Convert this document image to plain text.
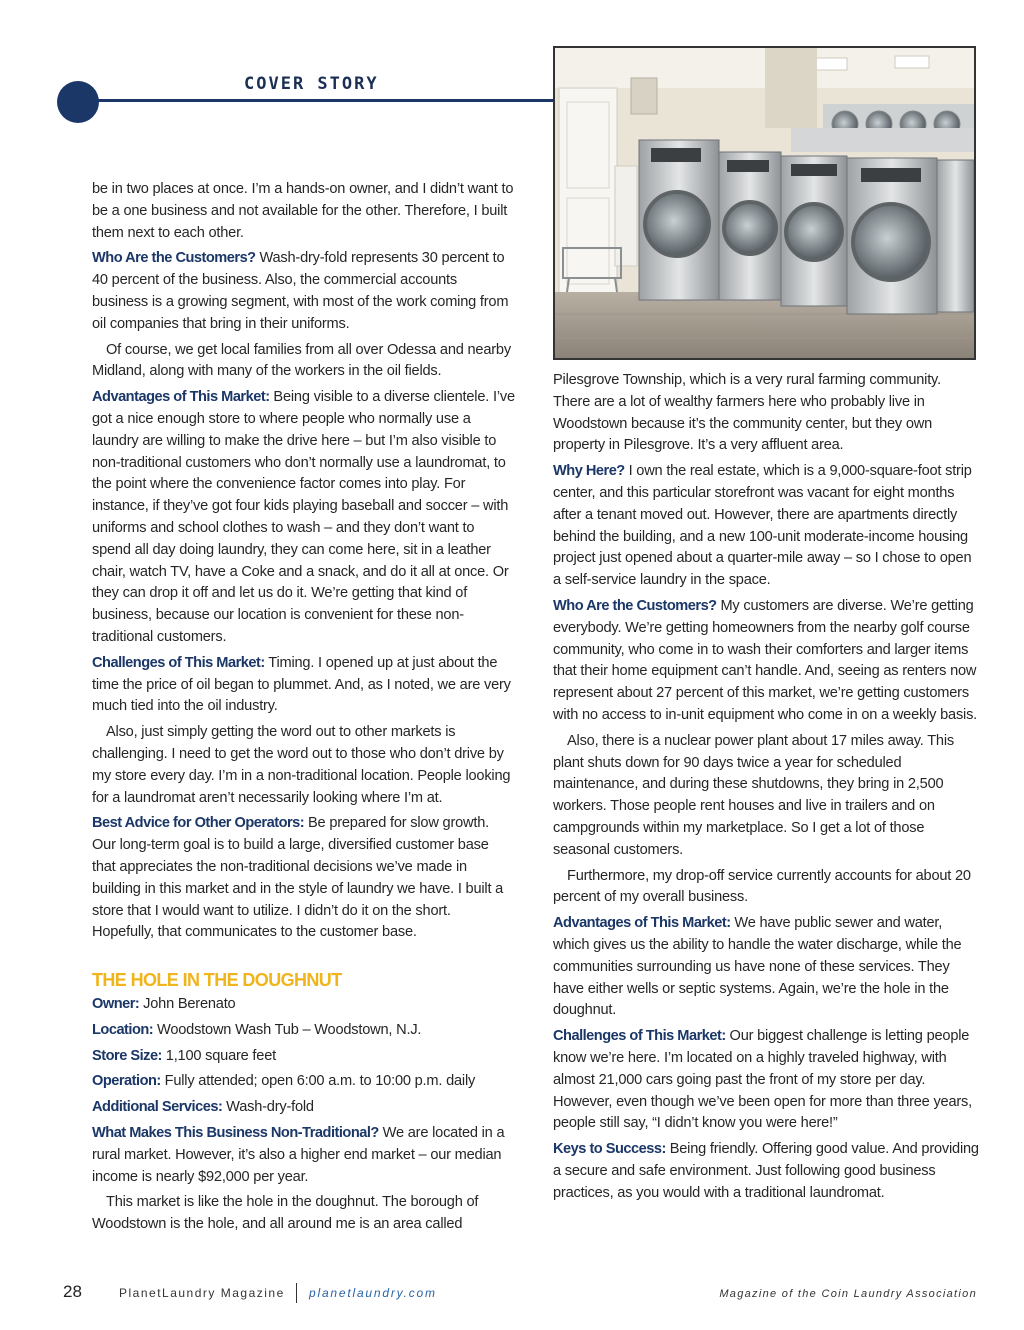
COVER STORY

be in two places at once. I’m a hands-on owner, and I didn’t want to be a one business and not available for the other. Therefore, I built them next to each other.

Who Are the Customers? Wash-dry-fold represents 30 percent to 40 percent of the business. Also, the commercial accounts business is a growing segment, with most of the work coming from oil companies that bring in their uniforms.

Of course, we get local families from all over Odessa and nearby Midland, along with many of the workers in the oil fields.

Advantages of This Market: Being visible to a diverse clientele. I’ve got a nice enough store to where people who normally use a laundry are willing to make the drive here – but I’m also visible to non-traditional customers who don’t normally use a laundromat, to the point where the convenience factor comes into play. For instance, if they’ve got four kids playing baseball and soccer – with uniforms and school clothes to wash – and they don’t want to spend all day doing laundry, they can come here, sit in a leather chair, watch TV, have a Coke and a snack, and do it all at once. Or they can drop it off and let us do it. We’re getting that kind of business, because our location is convenient for these non-traditional customers.

Challenges of This Market: Timing. I opened up at just about the time the price of oil began to plummet. And, as I noted, we are very much tied into the oil industry.

Also, just simply getting the word out to other markets is challenging. I need to get the word out to those who don’t drive by my store every day. I’m in a non-traditional location. People looking for a laundromat aren’t necessarily looking where I’m at.

Best Advice for Other Operators: Be prepared for slow growth. Our long-term goal is to build a large, diversified customer base that appreciates the non-traditional decisions we’ve made in building in this market and in the style of laundry we have. I built a store that I would want to utilize. I didn’t do it on the short. Hopefully, that communicates to the customer base.

THE HOLE IN THE DOUGHNUT

Owner: John Berenato

Location: Woodstown Wash Tub – Woodstown, N.J.

Store Size: 1,100 square feet

Operation: Fully attended; open 6:00 a.m. to 10:00 p.m. daily

Additional Services: Wash-dry-fold

What Makes This Business Non-Traditional? We are located in a rural market. However, it’s also a higher end market – our median income is nearly $92,000 per year.

This market is like the hole in the doughnut. The borough of Woodstown is the hole, and all around me is an area called

Pilesgrove Township, which is a very rural farming community. There are a lot of wealthy farmers here who probably live in Woodstown because it’s the community center, but they own property in Pilesgrove. It’s a very affluent area.

Why Here? I own the real estate, which is a 9,000-square-foot strip center, and this particular storefront was vacant for eight months after a tenant moved out. However, there are apartments directly behind the building, and a new 100-unit moderate-income housing project just opened about a quarter-mile away – so I chose to open a self-service laundry in the space.

Who Are the Customers? My customers are diverse. We’re getting everybody. We’re getting homeowners from the nearby golf course community, who come in to wash their comforters and larger items that their home equipment can’t handle. And, seeing as renters now represent about 27 percent of this market, we’re getting customers with no access to in-unit equipment who come in on a weekly basis.

Also, there is a nuclear power plant about 17 miles away. This plant shuts down for 90 days twice a year for scheduled maintenance, and during these shutdowns, they bring in 2,500 workers. Those people rent houses and live in trailers and on campgrounds within my marketplace. So I get a lot of those seasonal customers.

Furthermore, my drop-off service currently accounts for about 20 percent of my overall business.

Advantages of This Market: We have public sewer and water, which gives us the ability to handle the water discharge, while the communities surrounding us have none of these services. They have either wells or septic systems. Again, we’re the hole in the doughnut.

Challenges of This Market: Our biggest challenge is letting people know we’re here. I’m located on a highly traveled highway, with almost 21,000 cars going past the front of my store per day. However, even though we’ve been open for more than three years, people still say, “I didn’t know you were here!”

Keys to Success: Being friendly. Offering good value. And providing a secure and safe environment. Just following good business practices, as you would with a traditional laundromat.

28	PlanetLaundry Magazine planetlaundry.com	Magazine of the Coin Laundry Association
